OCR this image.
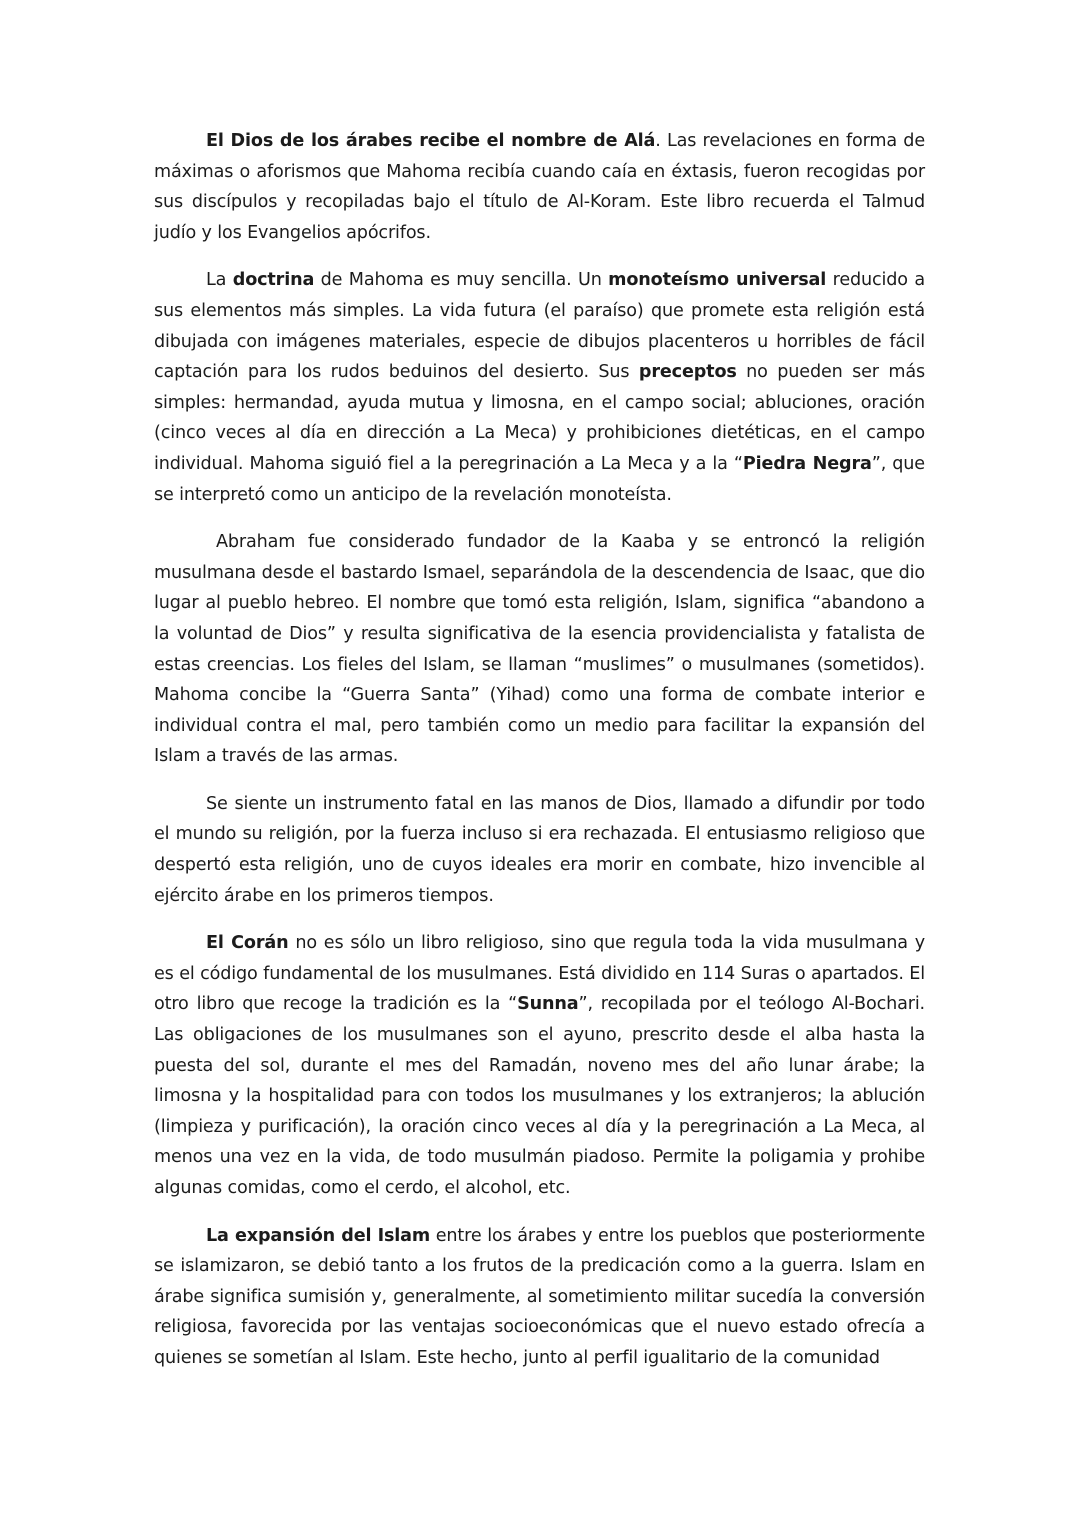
El Dios de los árabes recibe el nombre de Alá. Las revelaciones en forma de máximas o aforismos que Mahoma recibía cuando caía en éxtasis, fueron recogidas por sus discípulos y recopiladas bajo el título de Al-Koram. Este libro recuerda el Talmud judío y los Evangelios apócrifos.

La doctrina de Mahoma es muy sencilla. Un monoteísmo universal reducido a sus elementos más simples. La vida futura (el paraíso) que promete esta religión está dibujada con imágenes materiales, especie de dibujos placenteros u horribles de fácil captación para los rudos beduinos del desierto. Sus preceptos no pueden ser más simples: hermandad, ayuda mutua y limosna, en el campo social; abluciones, oración (cinco veces al día en dirección a La Meca) y prohibiciones dietéticas, en el campo individual. Mahoma siguió fiel a la peregrinación a La Meca y a la “Piedra Negra”, que se interpretó como un anticipo de la revelación monoteísta.

Abraham fue considerado fundador de la Kaaba y se entroncó la religión musulmana desde el bastardo Ismael, separándola de la descendencia de Isaac, que dio lugar al pueblo hebreo. El nombre que tomó esta religión, Islam, significa “abandono a la voluntad de Dios” y resulta significativa de la esencia providencialista y fatalista de estas creencias. Los fieles del Islam, se llaman “muslimes” o musulmanes (sometidos). Mahoma concibe la “Guerra Santa” (Yihad) como una forma de combate interior e individual contra el mal, pero también como un medio para facilitar la expansión del Islam a través de las armas.

Se siente un instrumento fatal en las manos de Dios, llamado a difundir por todo el mundo su religión, por la fuerza incluso si era rechazada. El entusiasmo religioso que despertó esta religión, uno de cuyos ideales era morir en combate, hizo invencible al ejército árabe en los primeros tiempos.

El Corán no es sólo un libro religioso, sino que regula toda la vida musulmana y es el código fundamental de los musulmanes. Está dividido en 114 Suras o apartados. El otro libro que recoge la tradición es la “Sunna”, recopilada por el teólogo Al-Bochari. Las obligaciones de los musulmanes son el ayuno, prescrito desde el alba hasta la puesta del sol, durante el mes del Ramadán, noveno mes del año lunar árabe; la limosna y la hospitalidad para con todos los musulmanes y los extranjeros; la ablución (limpieza y purificación), la oración cinco veces al día y la peregrinación a La Meca, al menos una vez en la vida, de todo musulmán piadoso. Permite la poligamia y prohibe algunas comidas, como el cerdo, el alcohol, etc.

La expansión del Islam entre los árabes y entre los pueblos que posteriormente se islamizaron, se debió tanto a los frutos de la predicación como a la guerra. Islam en árabe significa sumisión y, generalmente, al sometimiento militar sucedía la conversión religiosa, favorecida por las ventajas socioeconómicas que el nuevo estado ofrecía a quienes se sometían al Islam. Este hecho, junto al perfil igualitario de la comunidad
